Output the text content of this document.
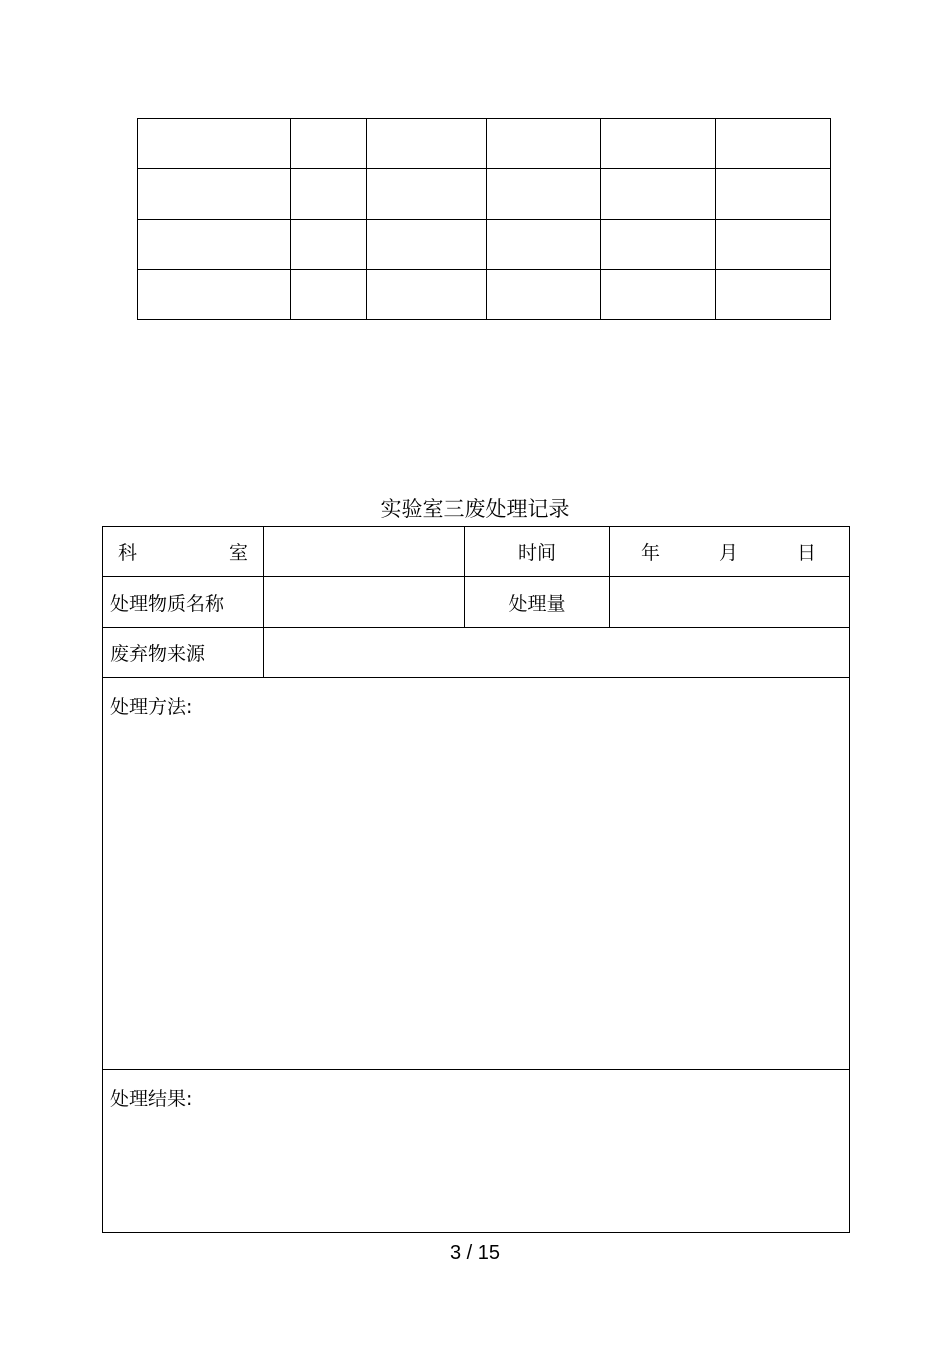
实验室三废处理记录
科 室		时间	年 月 日

处理物质名称		处理量	
废弃物来源			
处理方法:			
处理结果:			
3 / 15
